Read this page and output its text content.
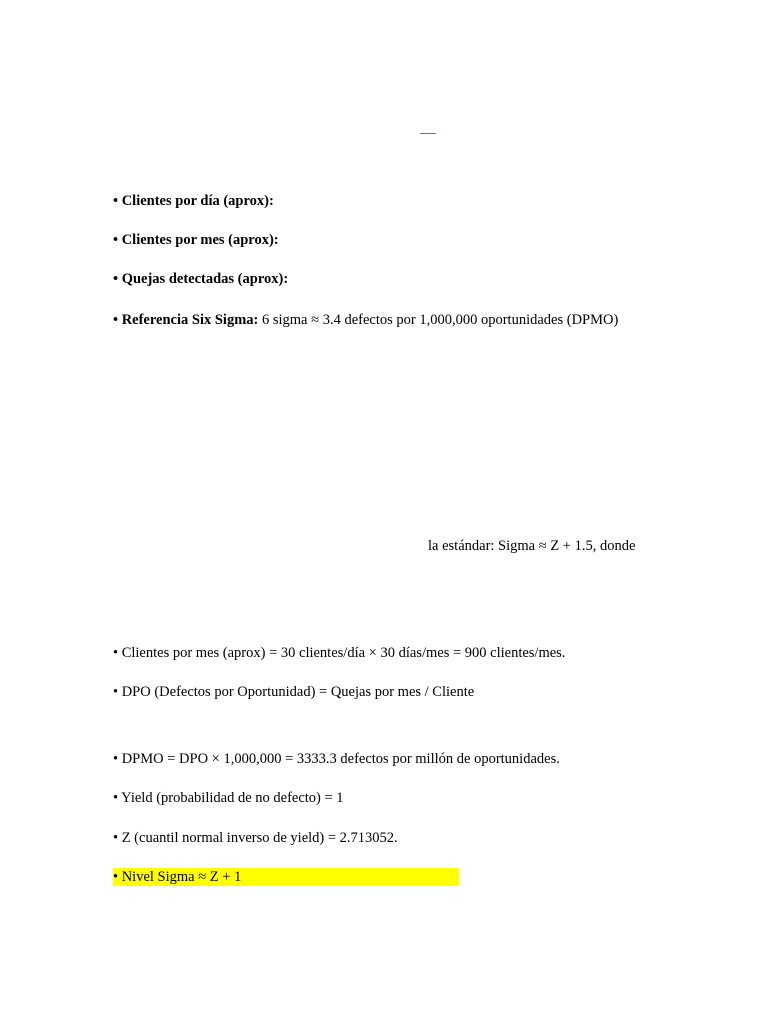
• Clientes por día (aprox):
• Clientes por mes (aprox):
• Quejas detectadas (aprox):
• Referencia Six Sigma: 6 sigma ≈ 3.4 defectos por 1,000,000 oportunidades (DPMO)
la estándar: Sigma ≈ Z + 1.5, donde
• Clientes por mes (aprox) = 30 clientes/día × 30 días/mes = 900 clientes/mes.
• DPO (Defectos por Oportunidad) = Quejas por mes / Cliente
• DPMO = DPO × 1,000,000 = 3333.3 defectos por millón de oportunidades.
• Yield (probabilidad de no defecto) = 1
• Z (cuantil normal inverso de yield) = 2.713052.
• Nivel Sigma ≈ Z + 1
